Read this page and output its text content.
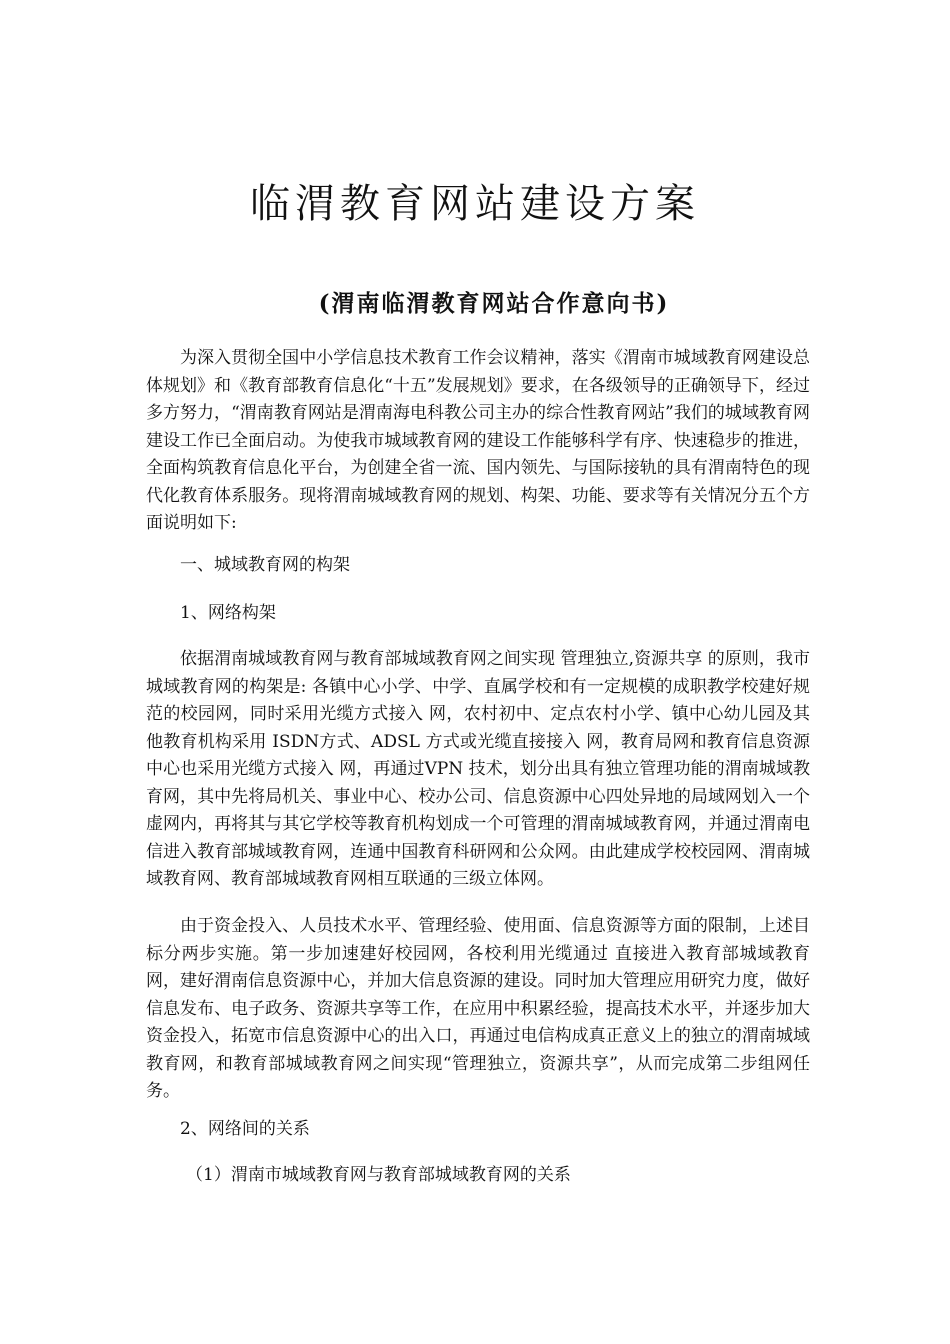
临渭教育网站建设方案
(渭南临渭教育网站合作意向书)

为深入贯彻全国中小学信息技术教育工作会议精神，落实《渭南市城域教育网建设总体规划》和《教育部教育信息化“十五”发展规划》要求，在各级领导的正确领导下，经过多方努力，“渭南教育网站是渭南海电科教公司主办的综合性教育网站”我们的城域教育网建设工作已全面启动。为使我市城域教育网的建设工作能够科学有序、快速稳步的推进，全面构筑教育信息化平台，为创建全省一流、国内领先、与国际接轨的具有渭南特色的现代化教育体系服务。现将渭南城域教育网的规划、构架、功能、要求等有关情况分五个方面说明如下:

一、城域教育网的构架

1、网络构架

依据渭南城域教育网与教育部城域教育网之间实现 管理独立,资源共享 的原则，我市城域教育网的构架是: 各镇中心小学、中学、直属学校和有一定规模的成职教学校建好规范的校园网，同时采用光缆方式接入 网，农村初中、定点农村小学、镇中心幼儿园及其他教育机构采用 ISDN方式、ADSL 方式或光缆直接接入 网，教育局网和教育信息资源中心也采用光缆方式接入 网，再通过VPN 技术，划分出具有独立管理功能的渭南城域教育网，其中先将局机关、事业中心、校办公司、信息资源中心四处异地的局域网划入一个虚网内，再将其与其它学校等教育机构划成一个可管理的渭南城域教育网，并通过渭南电信进入教育部城域教育网，连通中国教育科研网和公众网。由此建成学校校园网、渭南城域教育网、教育部城域教育网相互联通的三级立体网。

由于资金投入、人员技术水平、管理经验、使用面、信息资源等方面的限制，上述目标分两步实施。第一步加速建好校园网，各校利用光缆通过 直接进入教育部城域教育网，建好渭南信息资源中心，并加大信息资源的建设。同时加大管理应用研究力度，做好信息发布、电子政务、资源共享等工作，在应用中积累经验，提高技术水平，并逐步加大资金投入，拓宽市信息资源中心的出入口，再通过电信构成真正意义上的独立的渭南城域教育网，和教育部城域教育网之间实现“管理独立，资源共享”，从而完成第二步组网任务。

2、网络间的关系

（1）渭南市城域教育网与教育部城域教育网的关系
